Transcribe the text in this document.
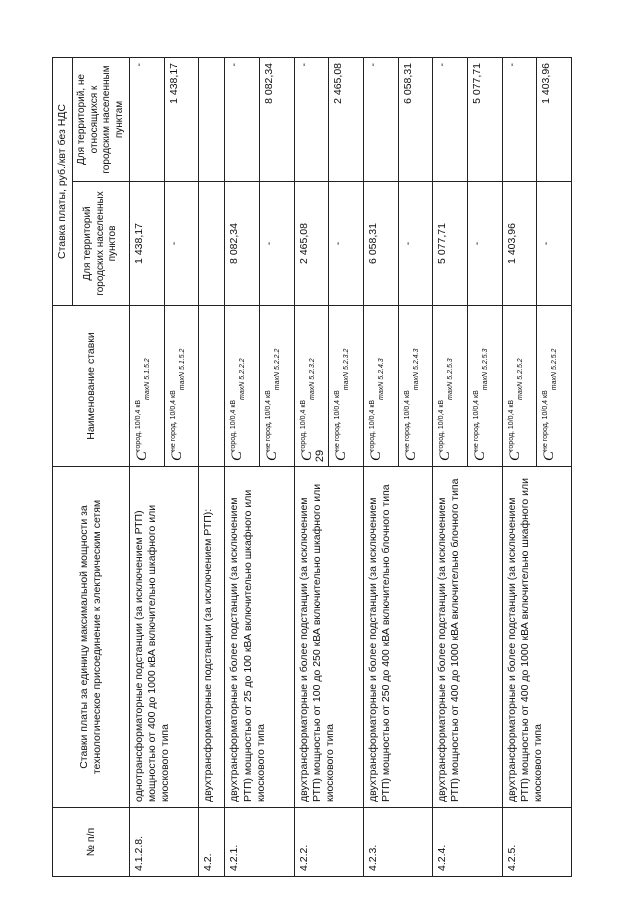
29
№ п/п	Ставки платы за единицу максимальной мощности за технологическое присоединение к электрическим сетям	Наименование ставки	Ставка платы, руб./квт без НДС	
			Для территорий городских населенных пунктов	Для территорий, не относящихся к городским населенным пунктам
4.1.2.8.	однотрансформаторные подстанции (за исключением РТП) мощностью от 400 до 1000 кВА включительно шкафного или киоскового типа	$C^{город, 10/0,4 кВ}_{maxN 5.1.5.2}$	1 438,17	-
		$C^{не город, 10/0,4 кВ}_{maxN 5.1.5.2}$	-	1 438,17
4.2.	двухтрансформаторные подстанции (за исключением РТП):			
4.2.1.	двухтрансформаторные и более подстанции (за исключением РТП) мощностью от 25 до 100 кВА включительно шкафного или киоскового типа	$C^{город, 10/0,4 кВ}_{maxN 5.2.2.2}$	8 082,34	-
		$C^{не город, 10/0,4 кВ}_{maxN 5.2.2.2}$	-	8 082,34
4.2.2.	двухтрансформаторные и более подстанции (за исключением РТП) мощностью от 100 до 250 кВА включительно шкафного или киоскового типа	$C^{город, 10/0,4 кВ}_{maxN 5.2.3.2}$	2 465,08	-
		$C^{не город, 10/0,4 кВ}_{maxN 5.2.3.2}$	-	2 465,08
4.2.3.	двухтрансформаторные и более подстанции (за исключением РТП) мощностью от 250 до 400 кВА включительно блочного типа	$C^{город, 10/0,4 кВ}_{maxN 5.2.4.3}$	6 058,31	-
		$C^{не город, 10/0,4 кВ}_{maxN 5.2.4.3}$	-	6 058,31
4.2.4.	двухтрансформаторные и более подстанции (за исключением РТП) мощностью от 400 до 1000 кВА включительно блочного типа	$C^{город, 10/0,4 кВ}_{maxN 5.2.5.3}$	5 077,71	-
		$C^{не город, 10/0,4 кВ}_{maxN 5.2.5.3}$	-	5 077,71
4.2.5.	двухтрансформаторные и более подстанции (за исключением РТП) мощностью от 400 до 1000 кВА включительно шкафного или киоскового типа	$C^{город, 10/0,4 кВ}_{maxN 5.2.5.2}$	1 403,96	-
		$C^{не город, 10/0,4 кВ}_{maxN 5.2.5.2}$	-	1 403,96
